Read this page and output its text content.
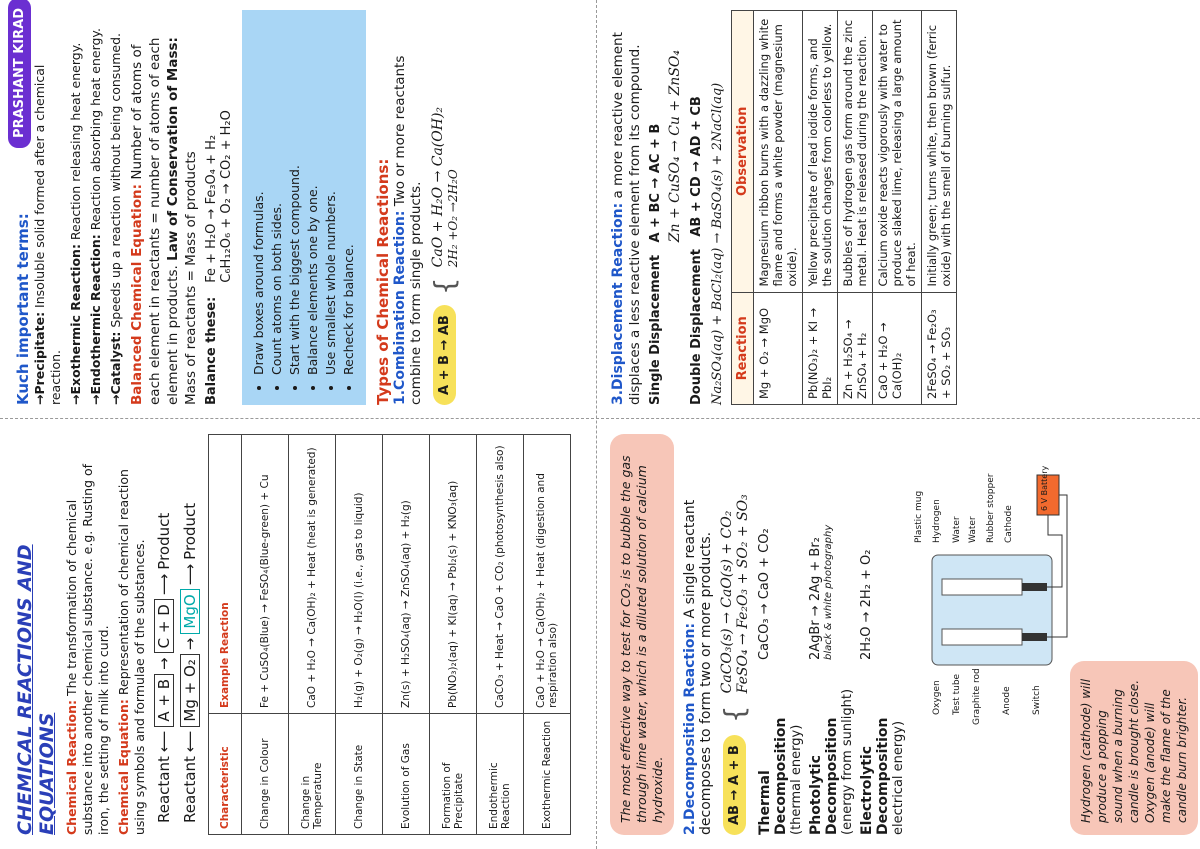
CHEMICAL REACTIONS AND EQUATIONS Chemical Reaction: The transformation of chemical substance into another chemical substance. e.g. Rusting of iron, the setting of milk into curd. Chemical Equation: Representation of chemical reaction using symbols and formulae of the substances. Reactant
⟵
A + B
→
C + D
⟶
Product
Reactant
⟵
Mg + O₂
→
MgO
⟶
Product
Characteristic	Example Reaction
Change in Colour	Fe + CuSO₄(Blue) → FeSO₄(Blue-green) + Cu
Change in Temperature	CaO + H₂O → Ca(OH)₂ + Heat (heat is generated)
Change in State	H₂(g) + O₂(g) → H₂O(l) (i.e., gas to liquid)
Evolution of Gas	Zn(s) + H₂SO₄(aq) → ZnSO₄(aq) + H₂(g)
Formation of Precipitate	Pb(NO₃)₂(aq) + KI(aq) → PbI₂(s) + KNO₃(aq)
Endothermic Reaction	CaCO₃ + Heat → CaO + CO₂ (photosynthesis also)
Exothermic Reaction	CaO + H₂O → Ca(OH)₂ + Heat (digestion and respiration also)	The most effective way to test for CO₂ is to bubble the gas through lime water, which is a diluted solution of calcium hydroxide.	2.Decomposition Reaction: A single reactant decomposes to form two or more products.	AB → A + B
{
CaCO₃(s) → CaO(s) + CO₂ FeSO₄ → Fe₂O₃ + SO₂ + SO₃
Thermal Decomposition (thermal energy)
CaCO₃ → CaO + CO₂
Photolytic Decomposition (energy from sunlight)
2AgBr → 2Ag + Br₂ black & white photography
Electrolytic Decomposition electrical energy)
2H₂O → 2H₂ + O₂
Plastic mug Hydrogen Water Water Rubber stopper Cathode
6 V Battery
Oxygen Test tube Graphite rod Anode Switch	Hydrogen (cathode) will produce a popping sound when a burning candle is brought close. Oxygen (anode) will make the flame of the candle burn brighter.
PRASHANT KIRAD
Kuch important terms: →Precipitate: Insoluble solid formed after a chemical reaction. →Exothermic Reaction: Reaction releasing heat energy.

→Endothermic Reaction: Reaction absorbing heat energy.

→Catalyst: Speeds up a reaction without being consumed. Balanced Chemical Equation: Number of atoms of each element in reactants = number of atoms of each element in products. Law of Conservation of Mass: Mass of reactants = Mass of products Balance these:
Fe + H₂O → Fe₃O₄ + H₂ C₆H₁₂O₆ + O₂ → CO₂ + H₂O • Draw boxes around formulas. • Count atoms on both sides. • Start with the biggest compound. • Balance elements one by one. • Use smallest whole numbers. • Recheck for balance. Types of Chemical Reactions: 1.Combination Reaction: Two or more reactants combine to form single products.	A + B → AB
{
CaO + H₂O → Ca(OH)₂ 2H₂ +O₂ →2H₂O	3.Displacement Reaction: a more reactive element displaces a less reactive element from its compound. Single Displacement   A + BC → AC + B Zn + CuSO₄ → Cu + ZnSO₄
Double Displacement   AB + CD → AD + CB Na₂SO₄(aq) + BaCl₂(aq) → BaSO₄(s) + 2NaCl(aq) Reaction	Observation
Mg + O₂ → MgO	Magnesium ribbon burns with a dazzling white flame and forms a white powder (magnesium oxide).
Pb(NO₃)₂ + KI → PbI₂	Yellow precipitate of lead iodide forms, and the solution changes from colorless to yellow.
Zn + H₂SO₄ → ZnSO₄ + H₂	Bubbles of hydrogen gas form around the zinc metal. Heat is released during the reaction.
CaO + H₂O → Ca(OH)₂	Calcium oxide reacts vigorously with water to produce slaked lime, releasing a large amount of heat.
2FeSO₄ → Fe₂O₃ + SO₂ + SO₃	Initially green; turns white, then brown (ferric oxide) with the smell of burning sulfur.
